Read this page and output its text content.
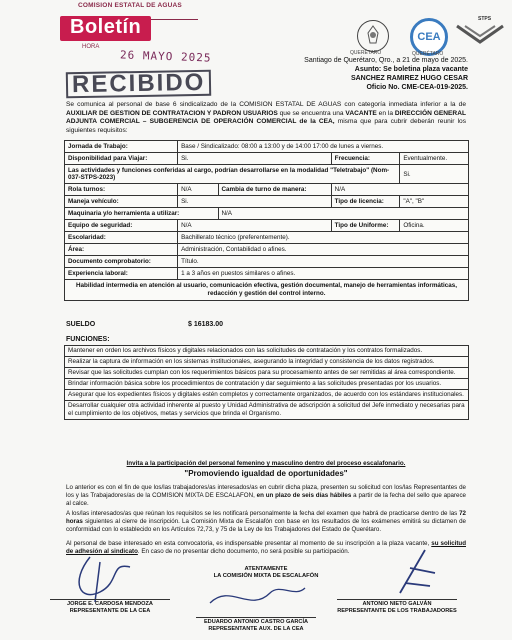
COMISION ESTATAL DE AGUAS
Boletín
HORA
26 MAYO 2025
RECIBIDO
QUERÉTARO
CEA
QUERÉTARO
STPS
Santiago de Querétaro, Qro., a 21 de mayo de 2025.
Asunto: Se boletina plaza vacante
SANCHEZ RAMIREZ HUGO CESAR
Oficio No. CME-CEA-019-2025.
Se comunica al personal de base 6 sindicalizado de la COMISION ESTATAL DE AGUAS con categoría inmediata inferior a la de AUXILIAR DE GESTION DE CONTRATACION Y PADRON USUARIOS que se encuentra una VACANTE en la DIRECCIÓN GENERAL ADJUNTA COMERCIAL – SUBGERENCIA DE OPERACIÓN COMERCIAL de la CEA, misma que para cubrir deberán reunir los siguientes requisitos:
Jornada de Trabajo:	Base / Sindicalizado: 08:00 a 13:00 y de 14:00 17:00 de lunes a viernes.			
Disponibilidad para Viajar:	Si.		Frecuencia:	Eventualmente.
Las actividades y funciones conferidas al cargo, podrían desarrollarse en la modalidad "Teletrabajo" (Nom-037-STPS-2023)				Si.
Rola turnos:	N/A	Cambia de turno de manera:	N/A	
Maneja vehículo:	Si.		Tipo de licencia:	"A", "B"
Maquinaria y/o herramienta a utilizar:		N/A		
Equipo de seguridad:	N/A		Tipo de Uniforme:	Oficina.
Escolaridad:	Bachillerato técnico (preferentemente).			
Área:	Administración, Contabilidad o afines.			
Documento comprobatorio:	Título.			
Experiencia laboral:	1 a 3 años en puestos similares o afines.			
Habilidad intermedia en atención al usuario, comunicación efectiva, gestión documental, manejo de herramientas informáticas, redacción y gestión del control interno.				
SUELDO	$ 16183.00
FUNCIONES:
Mantener en orden los archivos físicos y digitales relacionados con las solicitudes de contratación y los contratos formalizados.
Realizar la captura de información en los sistemas institucionales, asegurando la integridad y consistencia de los datos registrados.
Revisar que las solicitudes cumplan con los requerimientos básicos para su procesamiento antes de ser remitidas al área correspondiente.
Brindar información básica sobre los procedimientos de contratación y dar seguimiento a las solicitudes presentadas por los usuarios.
Asegurar que los expedientes físicos y digitales estén completos y correctamente organizados, de acuerdo con los estándares institucionales.
Desarrollar cualquier otra actividad inherente al puesto y Unidad Administrativa de adscripción a solicitud del Jefe inmediato y necesarias para el cumplimiento de los objetivos, metas y servicios que brinda el Organismo.
Invita a la participación del personal femenino y masculino dentro del proceso escalafonario.
"Promoviendo igualdad de oportunidades"
Lo anterior es con el fin de que los/las trabajadores/as interesados/as en cubrir dicha plaza, presenten su solicitud con los/las Representantes de los y las Trabajadores/as de la COMISION MIXTA DE ESCALAFON, en un plazo de seis días hábiles a partir de la fecha del sello que aparece al calce.
A los/las interesados/as que reúnan los requisitos se les notificará personalmente la fecha del examen que habrá de practicarse dentro de las 72 horas siguientes al cierre de inscripción. La Comisión Mixta de Escalafón con base en los resultados de los exámenes emitirá su dictamen de conformidad con lo establecido en los Artículos 72,73, y 75 de la Ley de los Trabajadores del Estado de Querétaro.
Al personal de base interesado en esta convocatoria, es indispensable presentar al momento de su inscripción a la plaza vacante, su solicitud de adhesión al sindicato. En caso de no presentar dicho documento, no será posible su participación.
ATENTAMENTE
LA COMISIÓN MIXTA DE ESCALAFÓN
JORGE E. CARDOSA MENDOZA
REPRESENTANTE DE LA CEA
ANTONIO NIETO GALVÁN
REPRESENTANTE DE LOS TRABAJADORES
EDUARDO ANTONIO CASTRO GARCÍA
REPRESENTANTE AUX. DE LA CEA
